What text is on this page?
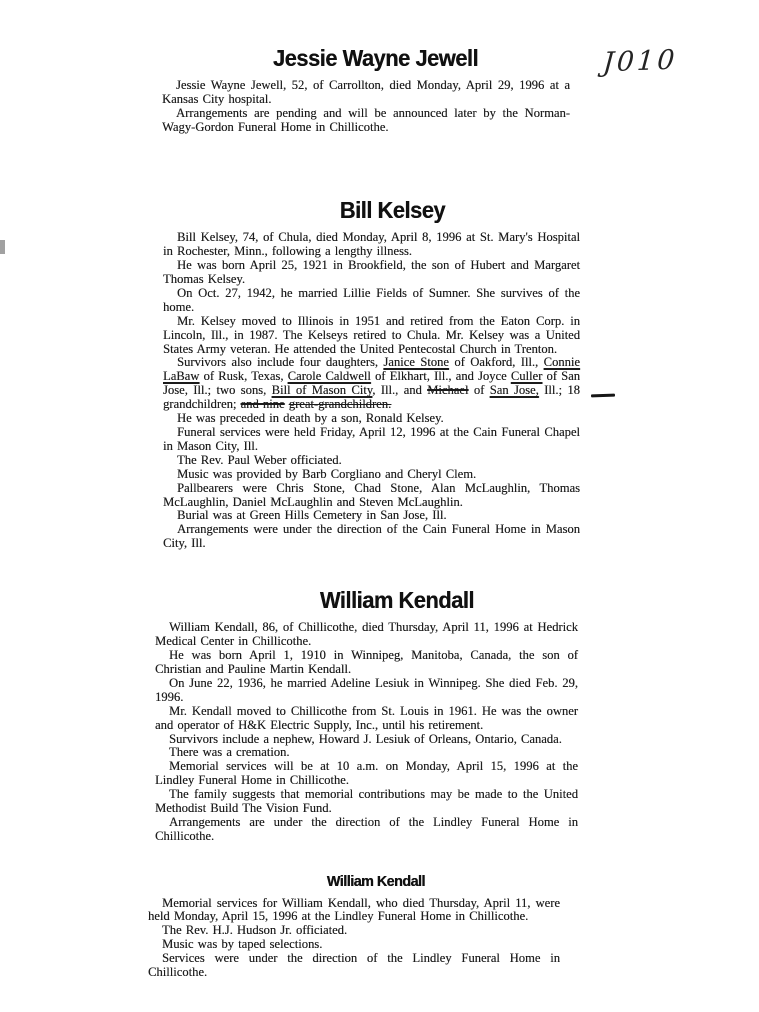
J010
Jessie Wayne Jewell

Jessie Wayne Jewell, 52, of Carrollton, died Monday, April 29, 1996 at a Kansas City hospital.

Arrangements are pending and will be announced later by the Norman-Wagy-Gordon Funeral Home in Chillicothe.

Bill Kelsey

Bill Kelsey, 74, of Chula, died Monday, April 8, 1996 at St. Mary's Hospital in Rochester, Minn., following a lengthy illness.

He was born April 25, 1921 in Brookfield, the son of Hubert and Margaret Thomas Kelsey.

On Oct. 27, 1942, he married Lillie Fields of Sumner. She survives of the home.

Mr. Kelsey moved to Illinois in 1951 and retired from the Eaton Corp. in Lincoln, Ill., in 1987. The Kelseys retired to Chula. Mr. Kelsey was a United States Army veteran. He attended the United Pentecostal Church in Trenton.

Survivors also include four daughters, Janice Stone of Oakford, Ill., Connie LaBaw of Rusk, Texas, Carole Caldwell of Elkhart, Ill., and Joyce Culler of San Jose, Ill.; two sons, Bill of Mason City, Ill., and Michael of San Jose, Ill.; 18 grandchildren; and nine great-grandchildren.

He was preceded in death by a son, Ronald Kelsey.

Funeral services were held Friday, April 12, 1996 at the Cain Funeral Chapel in Mason City, Ill.

The Rev. Paul Weber officiated.

Music was provided by Barb Corgliano and Cheryl Clem.

Pallbearers were Chris Stone, Chad Stone, Alan McLaughlin, Thomas McLaughlin, Daniel McLaughlin and Steven McLaughlin.

Burial was at Green Hills Cemetery in San Jose, Ill.

Arrangements were under the direction of the Cain Funeral Home in Mason City, Ill.

William Kendall

William Kendall, 86, of Chillicothe, died Thursday, April 11, 1996 at Hedrick Medical Center in Chillicothe.

He was born April 1, 1910 in Winnipeg, Manitoba, Canada, the son of Christian and Pauline Martin Kendall.

On June 22, 1936, he married Adeline Lesiuk in Winnipeg. She died Feb. 29, 1996.

Mr. Kendall moved to Chillicothe from St. Louis in 1961. He was the owner and operator of H&K Electric Supply, Inc., until his retirement.

Survivors include a nephew, Howard J. Lesiuk of Orleans, Ontario, Canada.

There was a cremation.

Memorial services will be at 10 a.m. on Monday, April 15, 1996 at the Lindley Funeral Home in Chillicothe.

The family suggests that memorial contributions may be made to the United Methodist Build The Vision Fund.

Arrangements are under the direction of the Lindley Funeral Home in Chillicothe.

William Kendall

Memorial services for William Kendall, who died Thursday, April 11, were held Monday, April 15, 1996 at the Lindley Funeral Home in Chillicothe.

The Rev. H.J. Hudson Jr. officiated.

Music was by taped selections.

Services were under the direction of the Lindley Funeral Home in Chillicothe.
